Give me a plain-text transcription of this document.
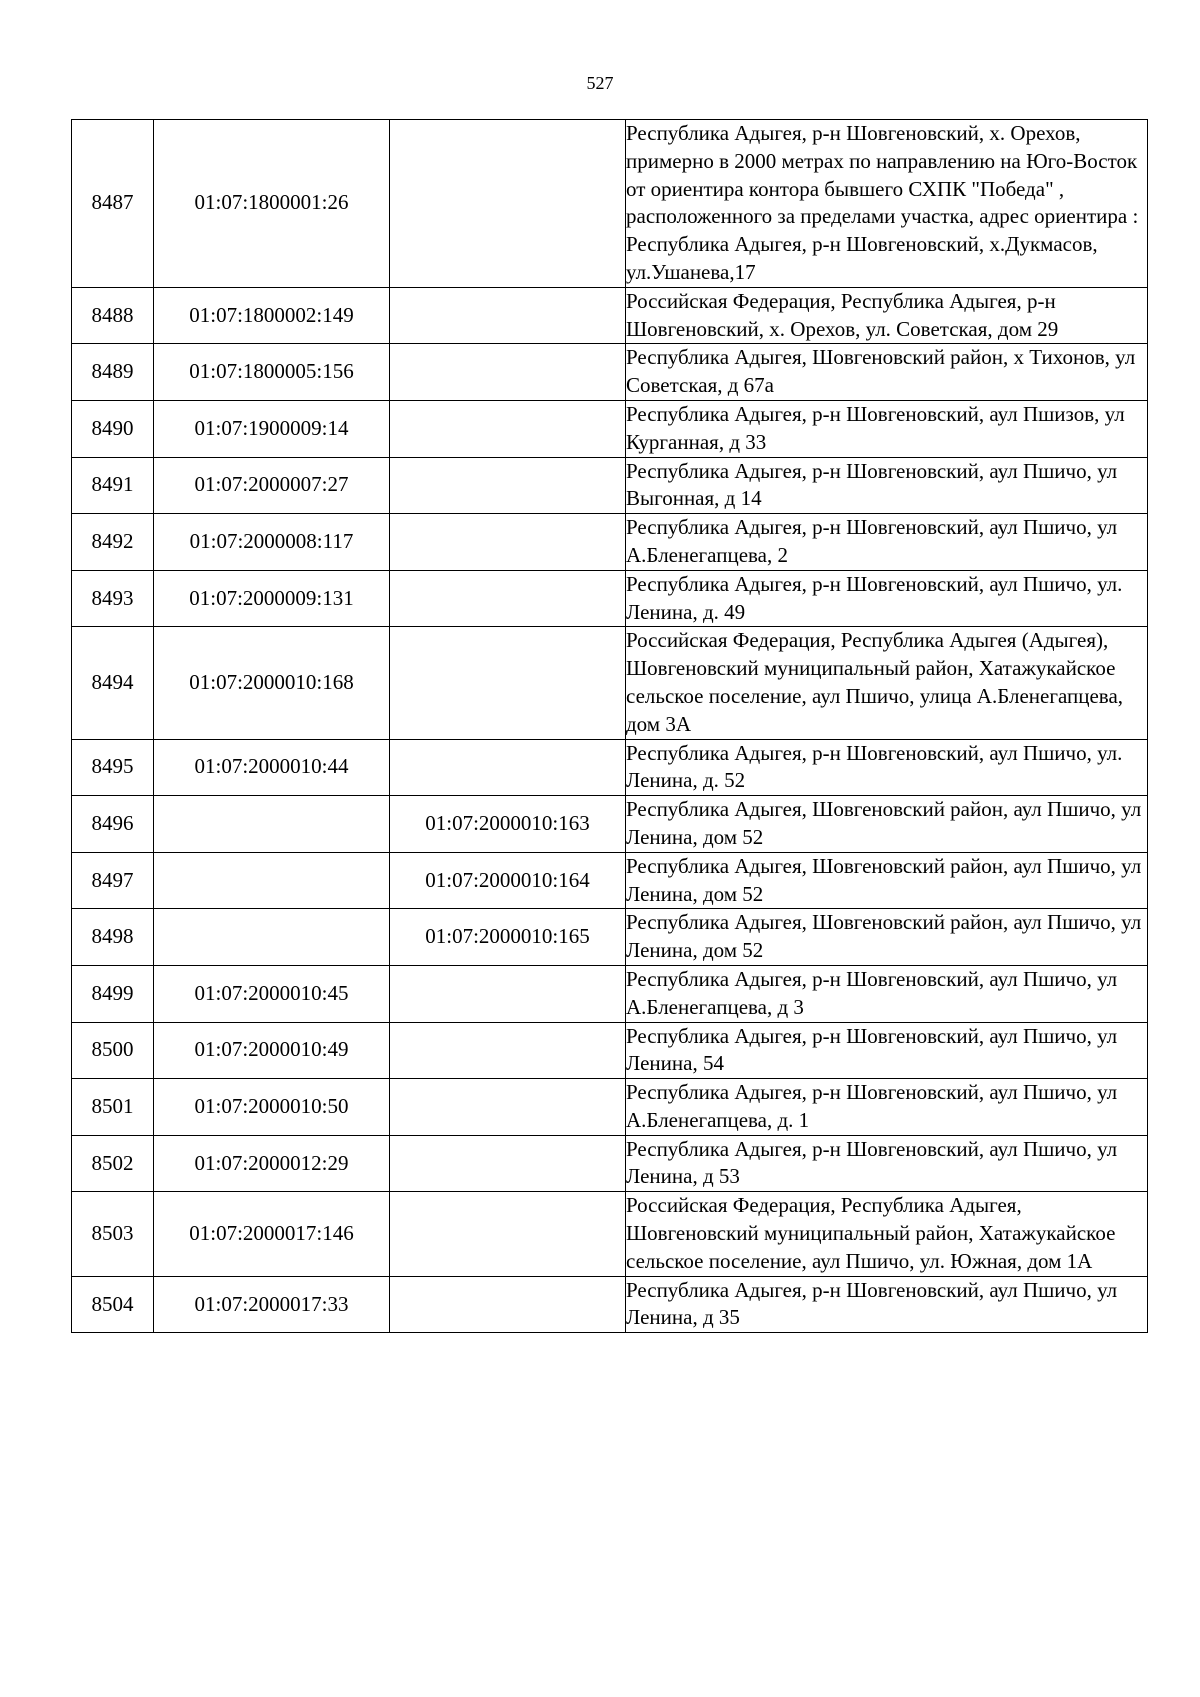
527
8487	01:07:1800001:26		Республика Адыгея, р-н Шовгеновский, х. Орехов, примерно в 2000 метрах по направлению на Юго-Восток от ориентира контора бывшего СХПК "Победа" , расположенного за пределами участка, адрес ориентира : Республика Адыгея, р-н Шовгеновский, х.Дукмасов, ул.Ушанева,17
8488	01:07:1800002:149		Российская Федерация, Республика Адыгея, р-н Шовгеновский, х. Орехов, ул. Советская, дом 29
8489	01:07:1800005:156		Республика Адыгея, Шовгеновский район, х Тихонов, ул Советская, д 67а
8490	01:07:1900009:14		Республика Адыгея, р-н Шовгеновский, аул Пшизов, ул Курганная, д 33
8491	01:07:2000007:27		Республика Адыгея, р-н Шовгеновский, аул Пшичо, ул Выгонная, д 14
8492	01:07:2000008:117		Республика Адыгея, р-н Шовгеновский, аул Пшичо, ул А.Бленегапцева, 2
8493	01:07:2000009:131		Республика Адыгея, р-н Шовгеновский, аул Пшичо, ул. Ленина, д. 49
8494	01:07:2000010:168		Российская Федерация, Республика Адыгея (Адыгея), Шовгеновский муниципальный район, Хатажукайское сельское поселение, аул Пшичо, улица А.Бленегапцева, дом 3А
8495	01:07:2000010:44		Республика Адыгея, р-н Шовгеновский, аул Пшичо, ул. Ленина, д. 52
8496		01:07:2000010:163	Республика Адыгея, Шовгеновский район, аул Пшичо, ул Ленина, дом 52
8497		01:07:2000010:164	Республика Адыгея, Шовгеновский район, аул Пшичо, ул Ленина, дом 52
8498		01:07:2000010:165	Республика Адыгея, Шовгеновский район, аул Пшичо, ул Ленина, дом 52
8499	01:07:2000010:45		Республика Адыгея, р-н Шовгеновский, аул Пшичо, ул А.Бленегапцева, д 3
8500	01:07:2000010:49		Республика Адыгея, р-н Шовгеновский, аул Пшичо, ул Ленина, 54
8501	01:07:2000010:50		Республика Адыгея, р-н Шовгеновский, аул Пшичо, ул А.Бленегапцева, д. 1
8502	01:07:2000012:29		Республика Адыгея, р-н Шовгеновский, аул Пшичо, ул Ленина, д 53
8503	01:07:2000017:146		Российская Федерация, Республика Адыгея, Шовгеновский муниципальный район, Хатажукайское сельское поселение, аул Пшичо, ул. Южная, дом 1А
8504	01:07:2000017:33		Республика Адыгея, р-н Шовгеновский, аул Пшичо, ул Ленина, д 35
